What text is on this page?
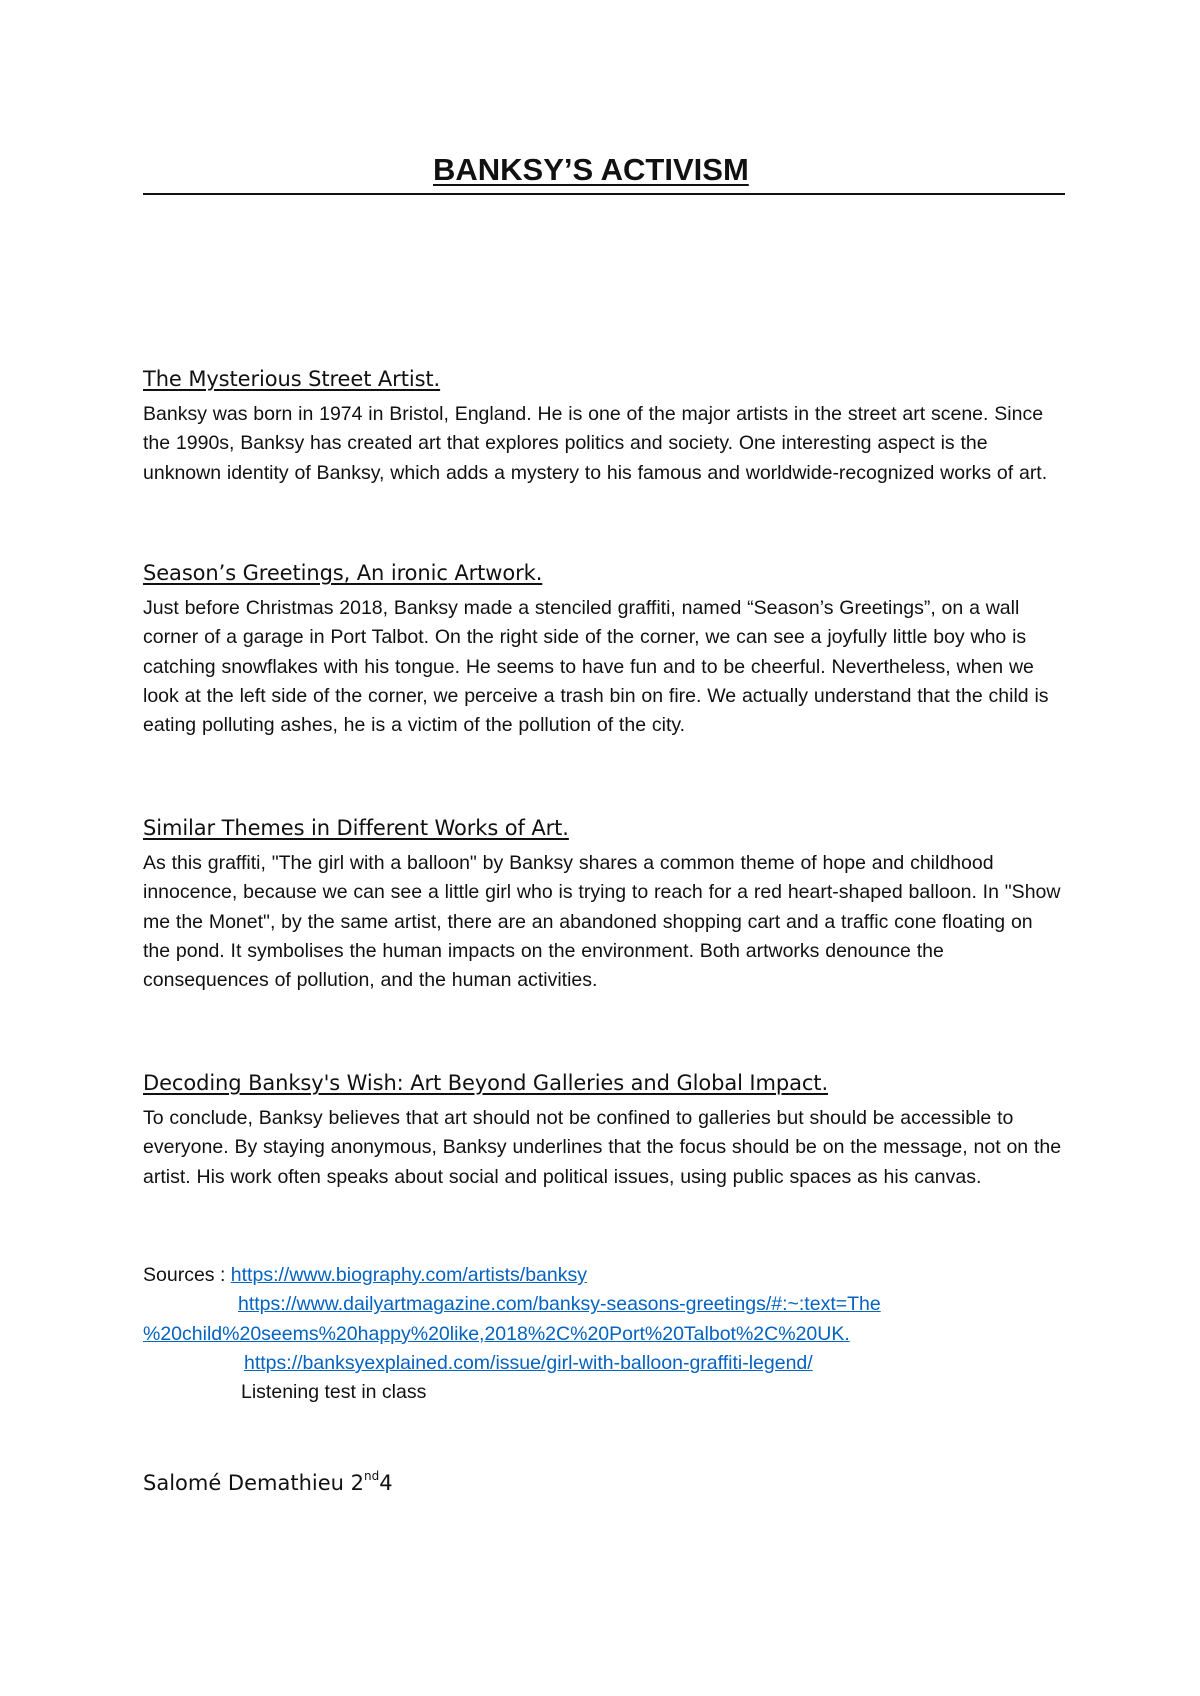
BANKSY’S ACTIVISM
The Mysterious Street Artist.

Banksy was born in 1974 in Bristol, England. He is one of the major artists in the street art scene. Since the 1990s, Banksy has created art that explores politics and society. One interesting aspect is the unknown identity of Banksy, which adds a mystery to his famous and worldwide-recognized works of art.

Season’s Greetings, An ironic Artwork.

Just before Christmas 2018, Banksy made a stenciled graffiti, named “Season’s Greetings”, on a wall corner of a garage in Port Talbot. On the right side of the corner, we can see a joyfully little boy who is catching snowflakes with his tongue. He seems to have fun and to be cheerful. Nevertheless, when we look at the left side of the corner, we perceive a trash bin on fire. We actually understand that the child is eating polluting ashes, he is a victim of the pollution of the city.

Similar Themes in Different Works of Art.

As this graffiti, "The girl with a balloon" by Banksy shares a common theme of hope and childhood innocence, because we can see a little girl who is trying to reach for a red heart-shaped balloon. In "Show me the Monet", by the same artist, there are an abandoned shopping cart and a traffic cone floating on the pond. It symbolises the human impacts on the environment. Both artworks denounce the consequences of pollution, and the human activities.

Decoding Banksy's Wish: Art Beyond Galleries and Global Impact.

To conclude, Banksy believes that art should not be confined to galleries but should be accessible to everyone. By staying anonymous, Banksy underlines that the focus should be on the message, not on the artist. His work often speaks about social and political issues, using public spaces as his canvas.

Sources : https://www.biography.com/artists/banksy
https://www.dailyartmagazine.com/banksy-seasons-greetings/#:~:text=The
%20child%20seems%20happy%20like,2018%2C%20Port%20Talbot%2C%20UK.
https://banksyexplained.com/issue/girl-with-balloon-graffiti-legend/
Listening test in class
Salomé Demathieu 2nd4
